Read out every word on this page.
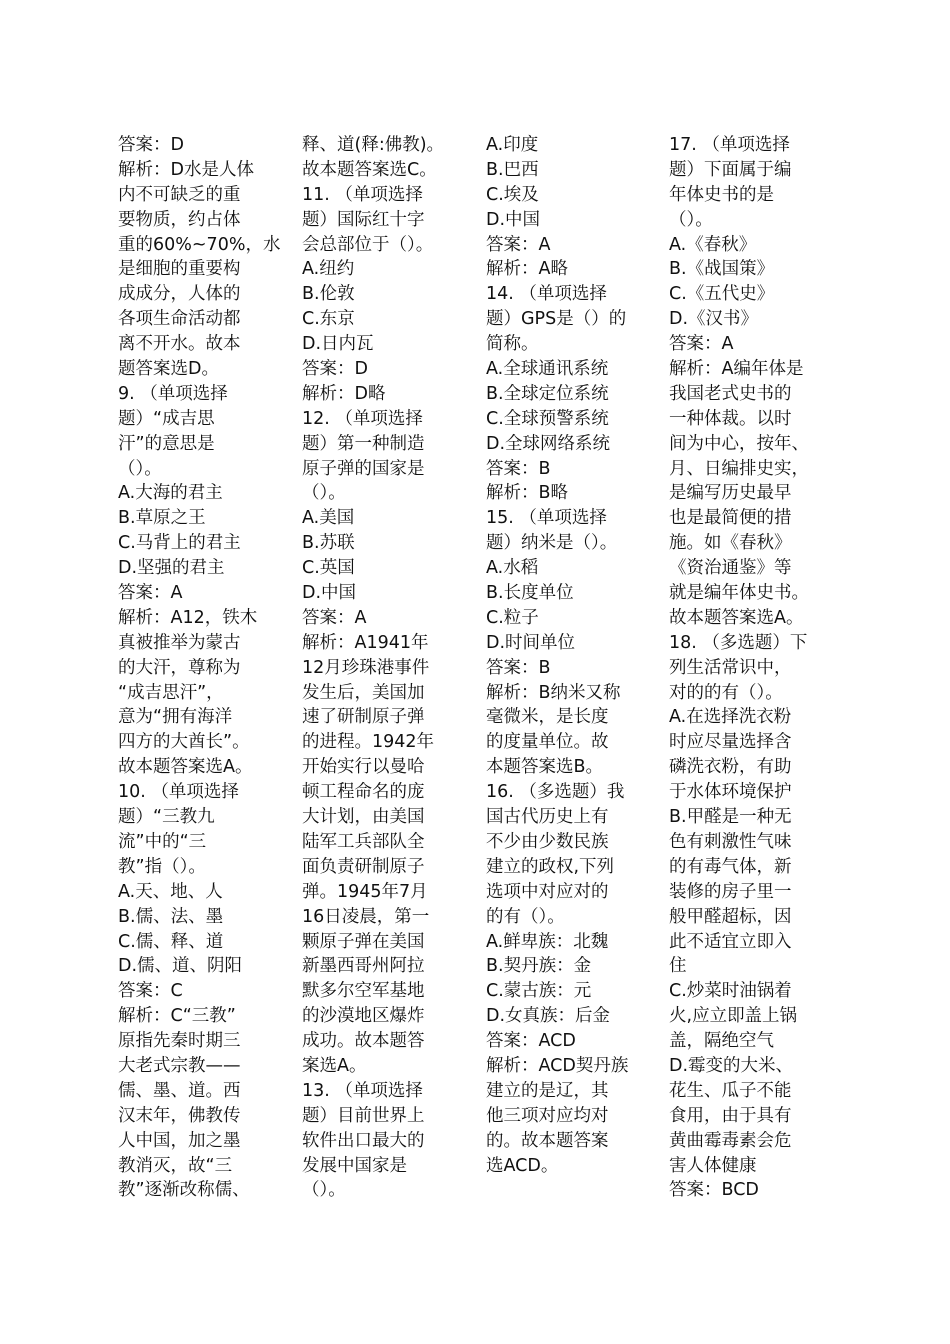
答案：D
解析：D水是人体
内不可缺乏的重
要物质，约占体
重的60%~70%，水
是细胞的重要构
成成分，人体的
各项生命活动都
离不开水。故本
题答案选D。
9. （单项选择
题）“成吉思
汗”的意思是
（）。
A.大海的君主
B.草原之王
C.马背上的君主
D.坚强的君主
答案：A
解析：A12，铁木
真被推举为蒙古
的大汗，尊称为
“成吉思汗”，
意为“拥有海洋
四方的大酋长”。
故本题答案选A。
10. （单项选择
题）“三教九
流”中的“三
教”指（）。
A.天、地、人
B.儒、法、墨
C.儒、释、道
D.儒、道、阴阳
答案：C
解析：C“三教”
原指先秦时期三
大老式宗教——
儒、墨、道。西
汉末年，佛教传
人中国，加之墨
教消灭，故“三
教”逐渐改称儒、
释、道(释:佛教)。
故本题答案选C。
11. （单项选择
题）国际红十字
会总部位于（）。
A.纽约
B.伦敦
C.东京
D.日内瓦
答案：D
解析：D略
12. （单项选择
题）第一种制造
原子弹的国家是
（）。
A.美国
B.苏联
C.英国
D.中国
答案：A
解析：A1941年
12月珍珠港事件
发生后，美国加
速了研制原子弹
的进程。1942年
开始实行以曼哈
顿工程命名的庞
大计划，由美国
陆军工兵部队全
面负责研制原子
弹。1945年7月
16日凌晨，第一
颗原子弹在美国
新墨西哥州阿拉
默多尔空军基地
的沙漠地区爆炸
成功。故本题答
案选A。
13. （单项选择
题）目前世界上
软件出口最大的
发展中国家是
（）。
A.印度
B.巴西
C.埃及
D.中国
答案：A
解析：A略
14. （单项选择
题）GPS是（）的
简称。
A.全球通讯系统
B.全球定位系统
C.全球预警系统
D.全球网络系统
答案：B
解析：B略
15. （单项选择
题）纳米是（）。
A.水稻
B.长度单位
C.粒子
D.时间单位
答案：B
解析：B纳米又称
毫微米，是长度
的度量单位。故
本题答案选B。
16. （多选题）我
国古代历史上有
不少由少数民族
建立的政权,下列
选项中对应对的
的有（）。
A.鲜卑族：北魏
B.契丹族：金
C.蒙古族：元
D.女真族：后金
答案：ACD
解析：ACD契丹族
建立的是辽，其
他三项对应均对
的。故本题答案
选ACD。
17. （单项选择
题）下面属于编
年体史书的是
（）。
A.《春秋》
B.《战国策》
C.《五代史》
D.《汉书》
答案：A
解析：A编年体是
我国老式史书的
一种体裁。以时
间为中心，按年、
月、日编排史实，
是编写历史最早
也是最简便的措
施。如《春秋》
《资治通鉴》等
就是编年体史书。
故本题答案选A。
18. （多选题）下
列生活常识中，
对的的有（）。
A.在选择洗衣粉
时应尽量选择含
磷洗衣粉，有助
于水体环境保护
B.甲醛是一种无
色有刺激性气味
的有毒气体，新
装修的房子里一
般甲醛超标，因
此不适宜立即入
住
C.炒菜时油锅着
火,应立即盖上锅
盖，隔绝空气
D.霉变的大米、
花生、瓜子不能
食用，由于具有
黄曲霉毒素会危
害人体健康
答案：BCD
